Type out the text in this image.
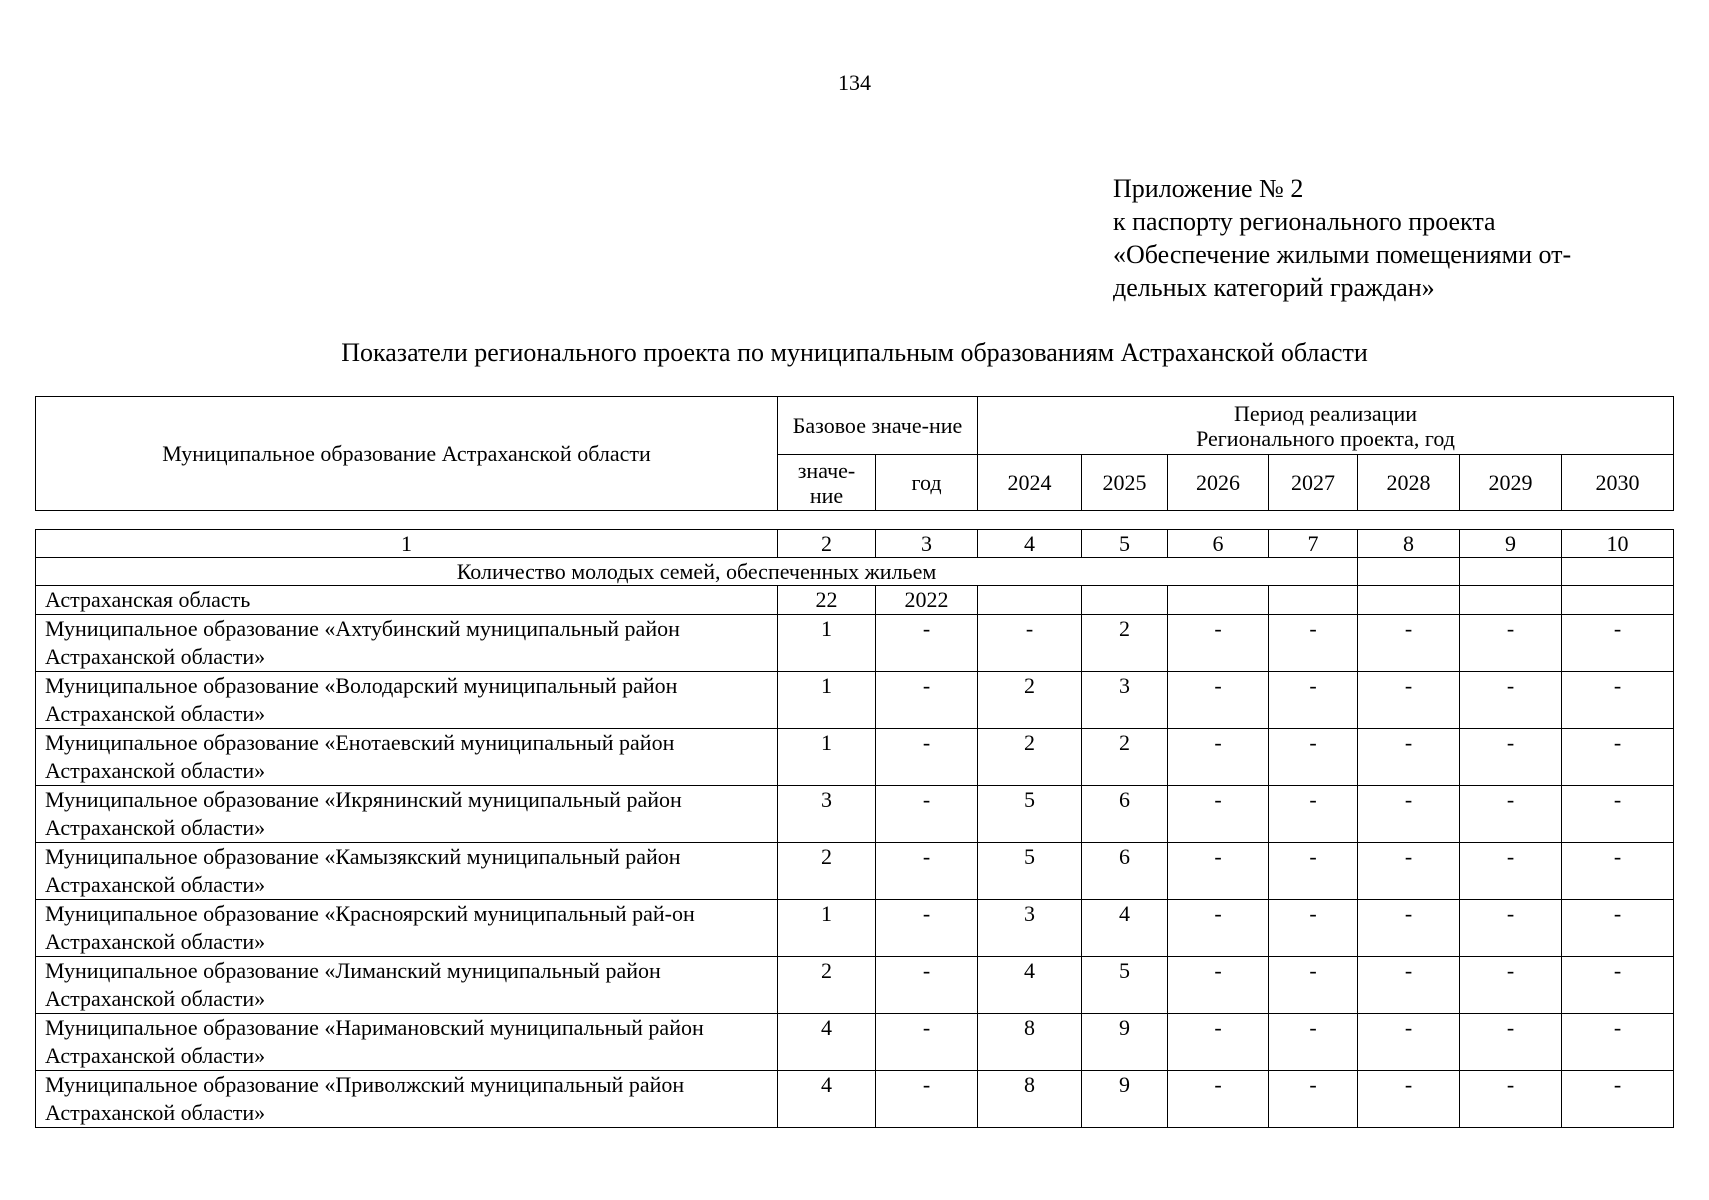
134
Приложение № 2
к паспорту регионального проекта
«Обеспечение жилыми помещениями от-
дельных категорий граждан»
Показатели регионального проекта по муниципальным образованиям Астраханской области
Муниципальное образование Астраханской области	Базовое значе-ние		Период реализации
Регионального проекта, год						

	значе-ние	год	2024	2025	2026	2027	2028	2029	2030
1	2	3	4	5	6	7	8	9	10
Количество молодых семей, обеспеченных жильем									
Астраханская область	22	2022							
Муниципальное образование «Ахтубинский муниципальный район Астраханской области»	1	-	-	2	-	-	-	-	-
Муниципальное образование «Володарский муниципальный район Астраханской области»	1	-	2	3	-	-	-	-	-
Муниципальное образование «Енотаевский муниципальный район Астраханской области»	1	-	2	2	-	-	-	-	-
Муниципальное образование «Икрянинский муниципальный район Астраханской области»	3	-	5	6	-	-	-	-	-
Муниципальное образование «Камызякский муниципальный район Астраханской области»	2	-	5	6	-	-	-	-	-
Муниципальное образование «Красноярский муниципальный рай-он Астраханской области»	1	-	3	4	-	-	-	-	-
Муниципальное образование «Лиманский муниципальный район Астраханской области»	2	-	4	5	-	-	-	-	-
Муниципальное образование «Наримановский муниципальный район Астраханской области»	4	-	8	9	-	-	-	-	-
Муниципальное образование «Приволжский муниципальный район Астраханской области»	4	-	8	9	-	-	-	-	-
